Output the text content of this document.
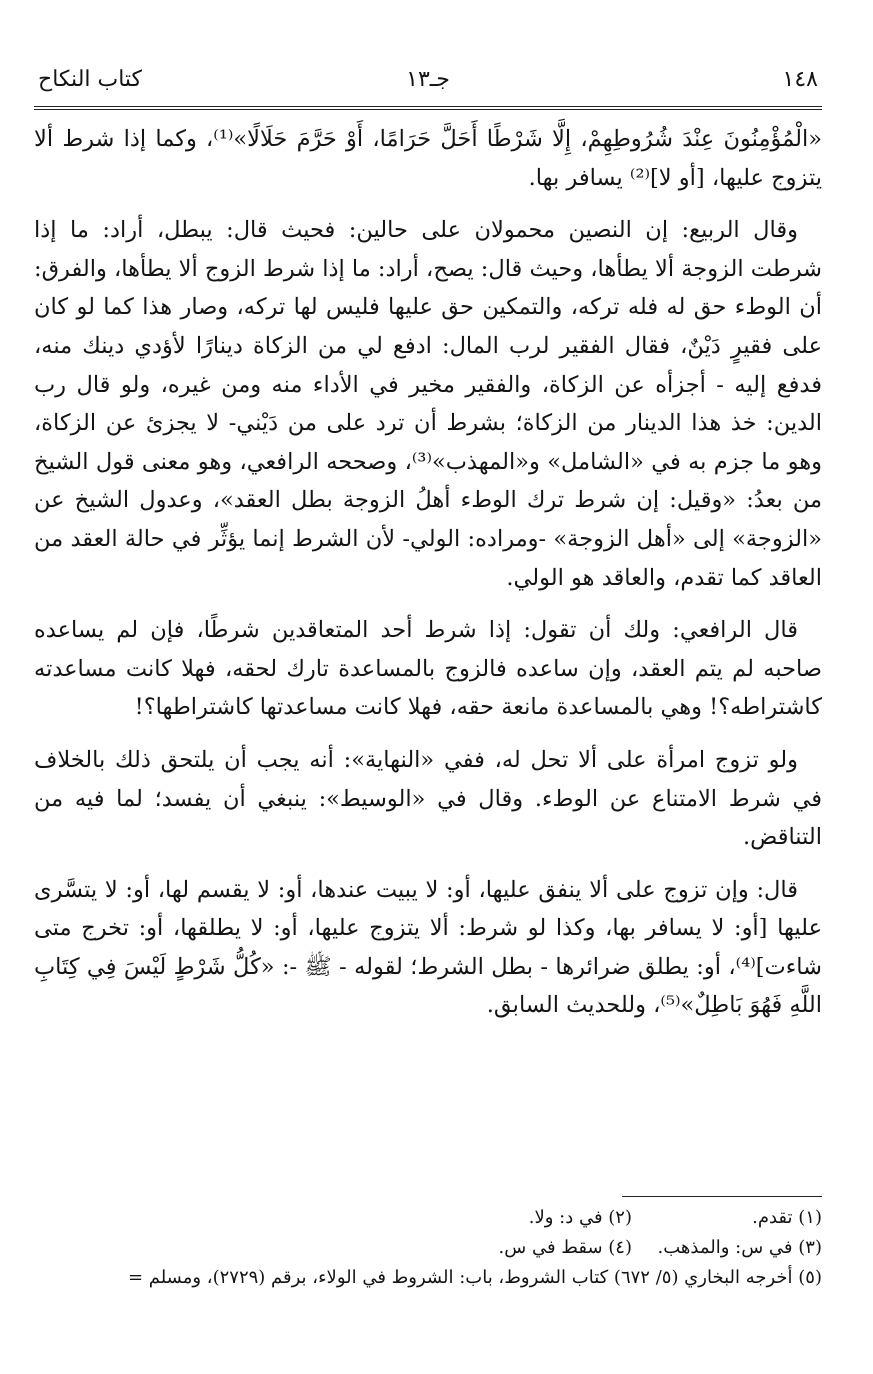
١٤٨
جـ١٣
كتاب النكاح

«الْمُؤْمِنُونَ عِنْدَ شُرُوطِهِمْ، إِلَّا شَرْطًا أَحَلَّ حَرَامًا، أَوْ حَرَّمَ حَلَالًا»⁽¹⁾، وكما إذا شرط ألا يتزوج عليها، [أو لا]⁽²⁾ يسافر بها.

وقال الربيع: إن النصين محمولان على حالين: فحيث قال: يبطل، أراد: ما إذا شرطت الزوجة ألا يطأها، وحيث قال: يصح، أراد: ما إذا شرط الزوج ألا يطأها، والفرق: أن الوطء حق له فله تركه، والتمكين حق عليها فليس لها تركه، وصار هذا كما لو كان على فقيرٍ دَيْنٌ، فقال الفقير لرب المال: ادفع لي من الزكاة دينارًا لأؤدي دينك منه، فدفع إليه - أجزأه عن الزكاة، والفقير مخير في الأداء منه ومن غيره، ولو قال رب الدين: خذ هذا الدينار من الزكاة؛ بشرط أن ترد على من دَيْني- لا يجزئ عن الزكاة، وهو ما جزم به في «الشامل» و«المهذب»⁽³⁾، وصححه الرافعي، وهو معنى قول الشيخ من بعدُ: «وقيل: إن شرط ترك الوطء أهلُ الزوجة بطل العقد»، وعدول الشيخ عن «الزوجة» إلى «أهل الزوجة» -ومراده: الولي- لأن الشرط إنما يؤثِّر في حالة العقد من العاقد كما تقدم، والعاقد هو الولي.

قال الرافعي: ولك أن تقول: إذا شرط أحد المتعاقدين شرطًا، فإن لم يساعده صاحبه لم يتم العقد، وإن ساعده فالزوج بالمساعدة تارك لحقه، فهلا كانت مساعدته كاشتراطه؟! وهي بالمساعدة مانعة حقه، فهلا كانت مساعدتها كاشتراطها؟!

ولو تزوج امرأة على ألا تحل له، ففي «النهاية»: أنه يجب أن يلتحق ذلك بالخلاف في شرط الامتناع عن الوطء. وقال في «الوسيط»: ينبغي أن يفسد؛ لما فيه من التناقض.

قال: وإن تزوج على ألا ينفق عليها، أو: لا يبيت عندها، أو: لا يقسم لها، أو: لا يتسَّرى عليها [أو: لا يسافر بها، وكذا لو شرط: ألا يتزوج عليها، أو: لا يطلقها، أو: تخرج متى شاءت]⁽⁴⁾، أو: يطلق ضرائرها - بطل الشرط؛ لقوله - ﷺ -: «كُلُّ شَرْطٍ لَيْسَ فِي كِتَابِ اللَّهِ فَهُوَ بَاطِلٌ»⁽⁵⁾، وللحديث السابق.

(١) تقدم.
(٢) في د: ولا.
(٣) في س: والمذهب.
(٤) سقط في س.
(٥) أخرجه البخاري (٥/ ٦٧٢) كتاب الشروط، باب: الشروط في الولاء، برقم (٢٧٢٩)، ومسلم =
